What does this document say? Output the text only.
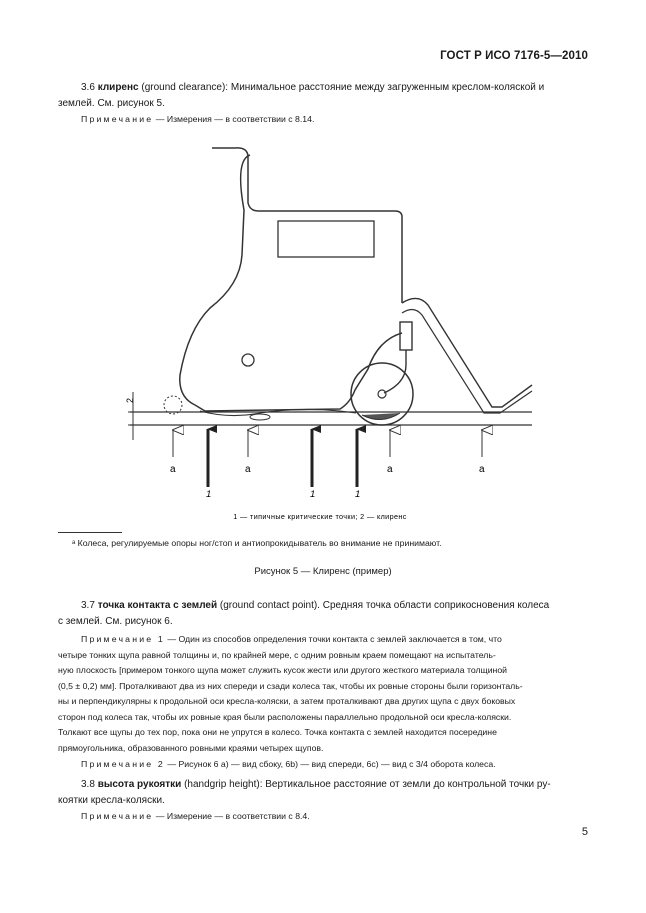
ГОСТ Р ИСО 7176-5—2010
3.6 клиренс (ground clearance): Минимальное расстояние между загруженным креслом-коляской и
землей. См. рисунок 5.
Примечание — Измерения — в соответствии с 8.14.
2
a	a	a	a
1	1	1
1 — типичные критические точки; 2 — клиренс
ᵃ Колеса, регулируемые опоры ног/стоп и антиопрокидыватель во внимание не принимают.
Рисунок 5 — Клиренс (пример)
3.7 точка контакта с землей (ground contact point). Средняя точка области соприкосновения колеса
с землей. См. рисунок 6.
Примечание 1 — Один из способов определения точки контакта с землей заключается в том, что
четыре тонких щупа равной толщины и, по крайней мере, с одним ровным краем помещают на испытатель-
ную плоскость [примером тонкого щупа может служить кусок жести или другого жесткого материала толщиной
(0,5 ± 0,2) мм]. Проталкивают два из них спереди и сзади колеса так, чтобы их ровные стороны были горизонталь-
ны и перпендикулярны к продольной оси кресла-коляски, а затем проталкивают два других щупа с двух боковых
сторон под колеса так, чтобы их ровные края были расположены параллельно продольной оси кресла-коляски.
Толкают все щупы до тех пор, пока они не упрутся в колесо. Точка контакта с землей находится посередине
прямоугольника, образованного ровными краями четырех щупов.
Примечание 2 — Рисунок 6 а) — вид сбоку, 6b) — вид спереди, 6с) — вид с 3/4 оборота колеса.
3.8 высота рукоятки (handgrip height): Вертикальное расстояние от земли до контрольной точки ру-
коятки кресла-коляски.
Примечание — Измерение — в соответствии с 8.4.
5
